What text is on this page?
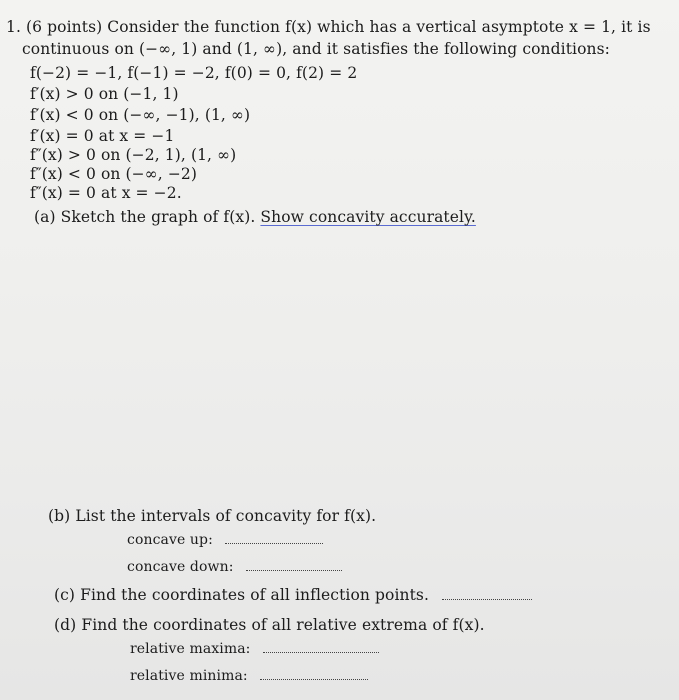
1. (6 points) Consider the function f(x) which has a vertical asymptote x = 1, it is
continuous on (−∞, 1) and (1, ∞), and it satisfies the following conditions:
f(−2) = −1, f(−1) = −2, f(0) = 0, f(2) = 2
f′(x) > 0 on (−1, 1)
f′(x) < 0 on (−∞, −1), (1, ∞)
f′(x) = 0 at x = −1
f″(x) > 0 on (−2, 1), (1, ∞)
f″(x) < 0 on (−∞, −2)
f″(x) = 0 at x = −2.
(a) Sketch the graph of f(x). Show concavity accurately.
(b) List the intervals of concavity for f(x).
concave up:
concave down:
(c) Find the coordinates of all inflection points.
(d) Find the coordinates of all relative extrema of f(x).
relative maxima:
relative minima:
